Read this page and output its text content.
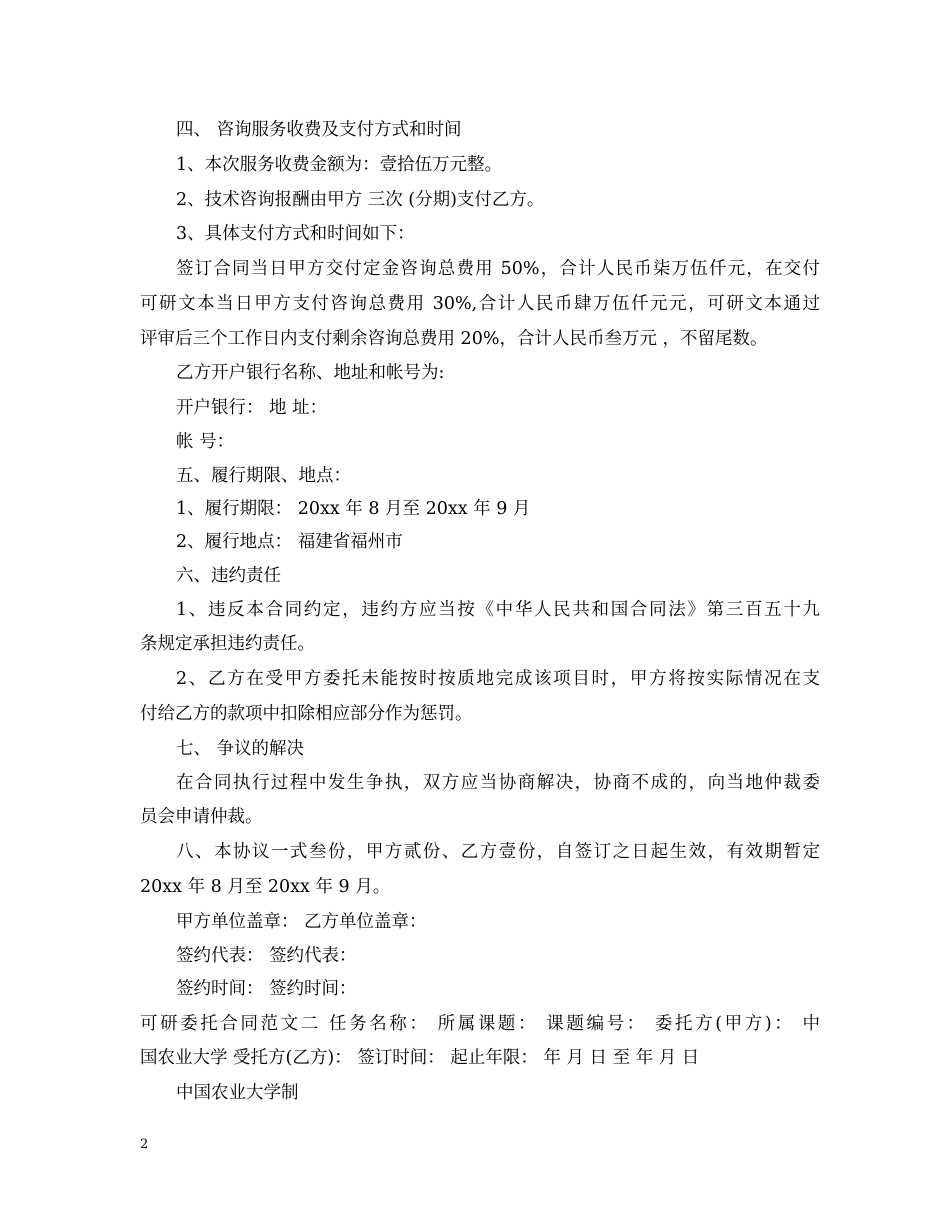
四、 咨询服务收费及支付方式和时间
1、本次服务收费金额为：壹拾伍万元整。
2、技术咨询报酬由甲方 三次 (分期)支付乙方。
3、具体支付方式和时间如下：
签订合同当日甲方交付定金咨询总费用 50%，合计人民币柒万伍仟元，在交付
可研文本当日甲方支付咨询总费用 30%,合计人民币肆万伍仟元元，可研文本通过
评审后三个工作日内支付剩余咨询总费用 20%，合计人民币叁万元 ，不留尾数。
乙方开户银行名称、地址和帐号为:
开户银行： 地 址：
帐 号：
五、履行期限、地点：
1、履行期限： 20xx 年 8 月至 20xx 年 9 月
2、履行地点： 福建省福州市
六、违约责任
1、违反本合同约定，违约方应当按《中华人民共和国合同法》第三百五十九
条规定承担违约责任。
2、乙方在受甲方委托未能按时按质地完成该项目时，甲方将按实际情况在支
付给乙方的款项中扣除相应部分作为惩罚。
七、 争议的解决
在合同执行过程中发生争执，双方应当协商解决，协商不成的，向当地仲裁委
员会申请仲裁。
八、本协议一式叁份，甲方贰份、乙方壹份，自签订之日起生效，有效期暂定
20xx 年 8 月至 20xx 年 9 月。
甲方单位盖章： 乙方单位盖章：
签约代表： 签约代表：
签约时间： 签约时间：
可研委托合同范文二 任务名称： 所属课题： 课题编号： 委托方(甲方)： 中
国农业大学 受托方(乙方)： 签订时间： 起止年限： 年 月 日 至 年 月 日
中国农业大学制
2
